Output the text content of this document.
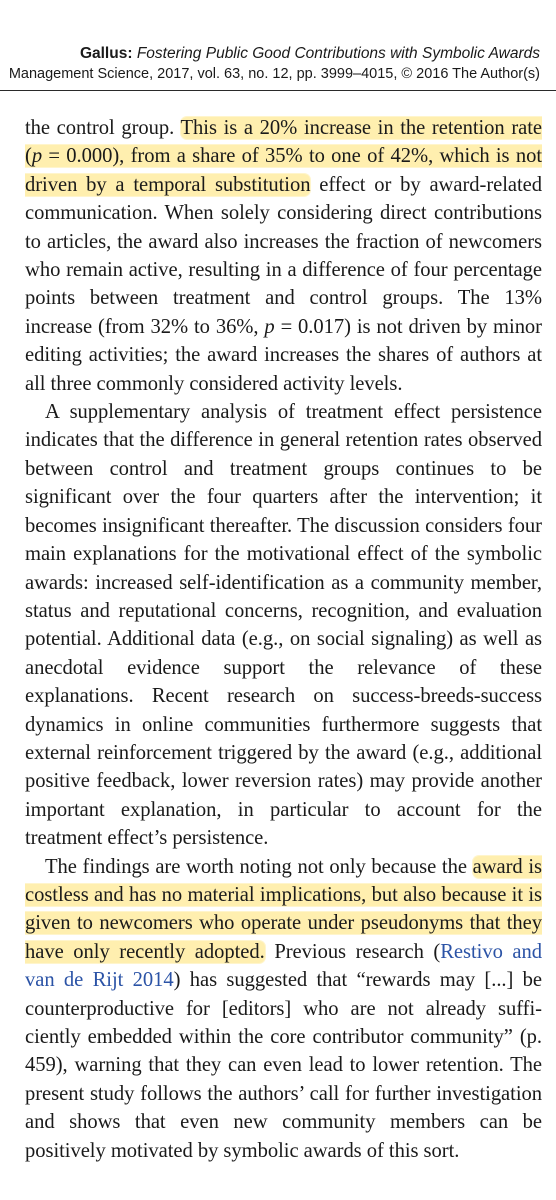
Gallus: Fostering Public Good Contributions with Symbolic Awards
Management Science, 2017, vol. 63, no. 12, pp. 3999–4015, © 2016 The Author(s)

the control group. This is a 20% increase in the retention rate (p = 0.000), from a share of 35% to one of 42%, which is not driven by a temporal substitution effect or by award-related communication. When solely considering direct contributions to articles, the award also increases the fraction of newcomers who remain active, resulting in a difference of four percentage points between treatment and control groups. The 13% increase (from 32% to 36%, p = 0.017) is not driven by minor editing activities; the award increases the shares of authors at all three commonly considered activity levels.

A supplementary analysis of treatment effect persistence indicates that the difference in general retention rates observed between control and treatment groups continues to be significant over the four quarters after the intervention; it becomes insignificant thereafter. The discussion considers four main explanations for the motivational effect of the symbolic awards: increased self-identification as a community member, status and reputational concerns, recognition, and evaluation potential. Additional data (e.g., on social signaling) as well as anecdotal evidence support the relevance of these explanations. Recent research on success-breeds-success dynamics in online communities furthermore suggests that external reinforcement triggered by the award (e.g., additional positive feedback, lower reversion rates) may provide another important explanation, in particular to account for the treatment effect’s persistence.

The findings are worth noting not only because the award is costless and has no material implications, but also because it is given to newcomers who operate under pseudonyms that they have only recently adopted. Previous research (Restivo and van de Rijt 2014) has suggested that “rewards may [...] be counterproductive for [editors] who are not already sufficiently embedded within the core contributor community” (p. 459), warning that they can even lead to lower retention. The present study follows the authors’ call for further investigation and shows that even new community members can be positively motivated by symbolic awards of this sort.
